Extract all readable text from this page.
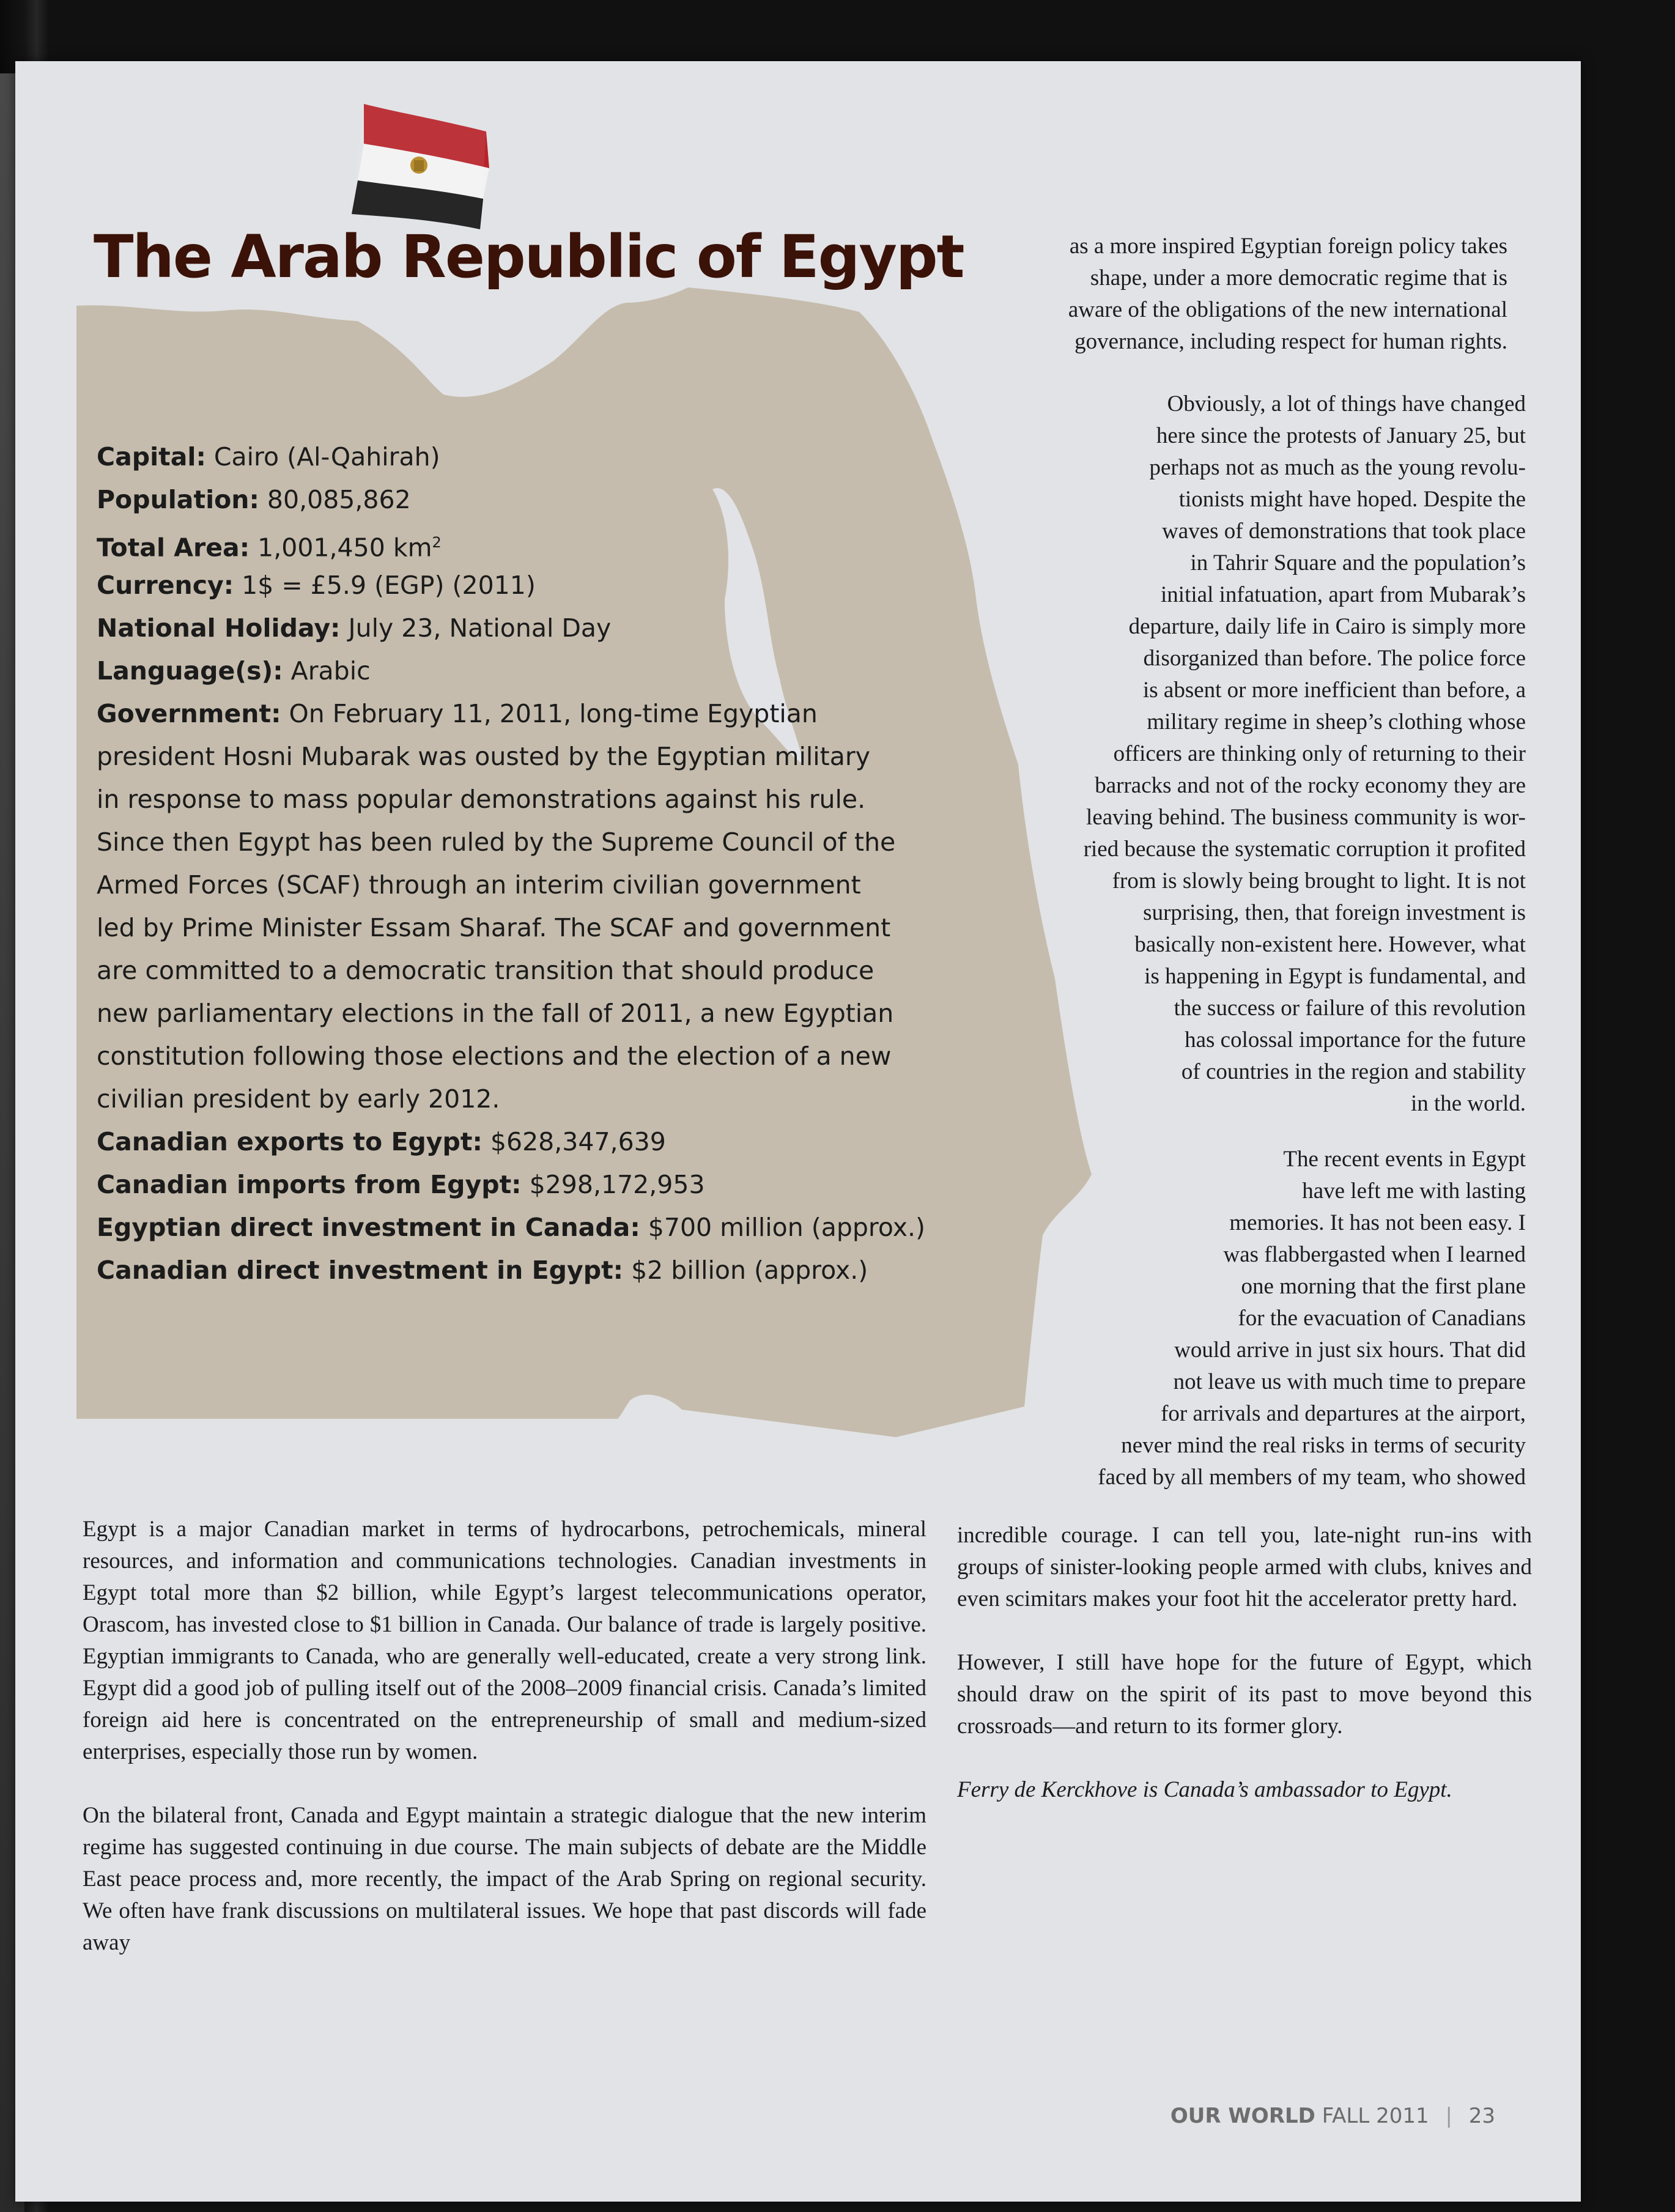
The Arab Republic of Egypt
Capital: Cairo (Al-Qahirah)
Population: 80,085,862
Total Area: 1,001,450 $km^2$
Currency: 1$ = £5.9 (EGP) (2011)
National Holiday: July 23, National Day
Language(s): Arabic
Government: On February 11, 2011, long-time Egyptian
president Hosni Mubarak was ousted by the Egyptian military
in response to mass popular demonstrations against his rule.
Since then Egypt has been ruled by the Supreme Council of the
Armed Forces (SCAF) through an interim civilian government
led by Prime Minister Essam Sharaf. The SCAF and government
are committed to a democratic transition that should produce
new parliamentary elections in the fall of 2011, a new Egyptian
constitution following those elections and the election of a new
civilian president by early 2012.
Canadian exports to Egypt: $628,347,639
Canadian imports from Egypt: $298,172,953
Egyptian direct investment in Canada: $700 million (approx.)
Canadian direct investment in Egypt: $2 billion (approx.)
as a more inspired Egyptian foreign policy takes
shape, under a more democratic regime that is
aware of the obligations of the new international
governance, including respect for human rights.
Obviously, a lot of things have changed
here since the protests of January 25, but
perhaps not as much as the young revolu-
tionists might have hoped. Despite the
waves of demonstrations that took place
in Tahrir Square and the population’s
initial infatuation, apart from Mubarak’s
departure, daily life in Cairo is simply more
disorganized than before. The police force
is absent or more inefficient than before, a
military regime in sheep’s clothing whose
officers are thinking only of returning to their
barracks and not of the rocky economy they are
leaving behind. The business community is wor-
ried because the systematic corruption it profited
from is slowly being brought to light. It is not
surprising, then, that foreign investment is
basically non-existent here. However, what
is happening in Egypt is fundamental, and
the success or failure of this revolution
has colossal importance for the future
of countries in the region and stability
in the world.
The recent events in Egypt
have left me with lasting
memories. It has not been easy. I
was flabbergasted when I learned
one morning that the first plane
for the evacuation of Canadians
would arrive in just six hours. That did
not leave us with much time to prepare
for arrivals and departures at the airport,
never mind the real risks in terms of security
faced by all members of my team, who showed

incredible courage. I can tell you, late-night run-ins with groups of sinister-looking people armed with clubs, knives and even scimitars makes your foot hit the accelerator pretty hard.

However, I still have hope for the future of Egypt, which should draw on the spirit of its past to move beyond this crossroads—and return to its former glory.

Ferry de Kerckhove is Canada’s ambassador to Egypt.

Egypt is a major Canadian market in terms of hydrocarbons, petrochemicals, mineral resources, and information and communications technologies. Canadian investments in Egypt total more than $2 billion, while Egypt’s largest telecommunications operator, Orascom, has invested close to $1 billion in Canada. Our balance of trade is largely positive. Egyptian immigrants to Canada, who are generally well-educated, create a very strong link. Egypt did a good job of pulling itself out of the 2008–2009 financial crisis. Canada’s limited foreign aid here is concentrated on the entrepreneurship of small and medium-sized enterprises, especially those run by women.

On the bilateral front, Canada and Egypt maintain a strategic dialogue that the new interim regime has suggested continuing in due course. The main subjects of debate are the Middle East peace process and, more recently, the impact of the Arab Spring on regional security. We often have frank discussions on multilateral issues. We hope that past discords will fade away

OUR WORLD FALL 2011 | 23
